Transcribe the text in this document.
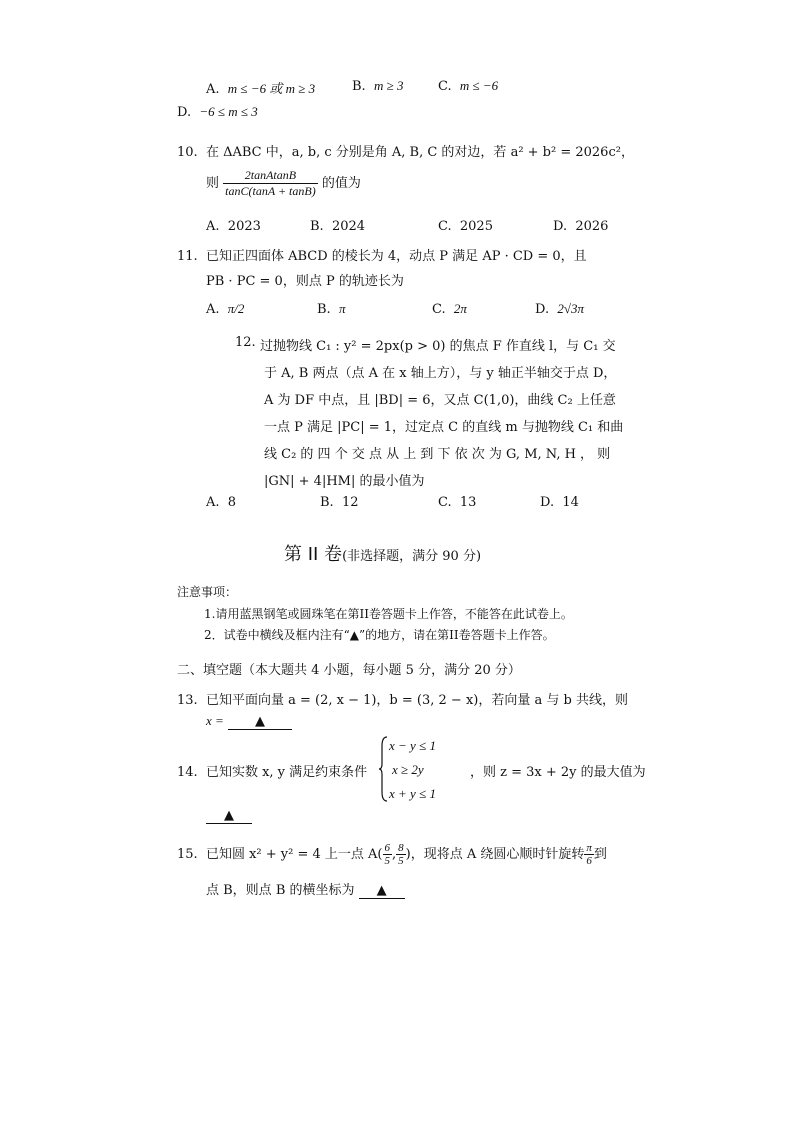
A. m ≤ −6 或 m ≥ 3	B. m ≥ 3	C. m ≤ −6
D. −6 ≤ m ≤ 3
10. 在 ΔABC 中，a, b, c 分别是角 A, B, C 的对边，若 a² + b² = 2026c²，
则 $\frac{\text{2tanAtanB}}{\tan C(\tan A + \tan B)}$ 的值为
A. 2023	B. 2024	C. 2025	D. 2026
11. 已知正四面体 ABCD 的棱长为 4，动点 P 满足 AP · CD = 0，且
PB · PC = 0，则点 P 的轨迹长为
A. π/2	B. π	C. 2π	D. 2√3π
12. 过抛物线 C₁ : y² = 2px(p > 0) 的焦点 F 作直线 l，与 C₁ 交
于 A, B 两点（点 A 在 x 轴上方），与 y 轴正半轴交于点 D，
A 为 DF 中点，且 |BD| = 6，又点 C(1,0)，曲线 C₂ 上任意
一点 P 满足 |PC| = 1，过定点 C 的直线 m 与抛物线 C₁ 和曲
线 C₂ 的 四 个 交 点 从 上 到 下 依 次 为 G, M, N, H ， 则
|GN| + 4|HM| 的最小值为
A. 8	B. 12	C. 13	D. 14
第 II 卷(非选择题，满分 90 分)
注意事项：
1.请用蓝黑钢笔或圆珠笔在第II卷答题卡上作答，不能答在此试卷上。
2．试卷中横线及框内注有“▲”的地方，请在第II卷答题卡上作答。
二、填空题（本大题共 4 小题，每小题 5 分，满分 20 分）
13. 已知平面向量 a = (2, x − 1)，b = (3, 2 − x)，若向量 a 与 b 共线，则
x = ▲
14. 已知实数 x, y 满足约束条件
x − y ≤ 1
x ≥ 2y
x + y ≤ 1
，则 z = 3x + 2y 的最大值为
▲
15. 已知圆 x² + y² = 4 上一点 $A( \frac{6}{5}$ , $\frac{8}{5}$ )，现将点 A 绕圆心顺时针旋转 $\frac{\pi}{6}$ 到
点 B，则点 B 的横坐标为 ▲
